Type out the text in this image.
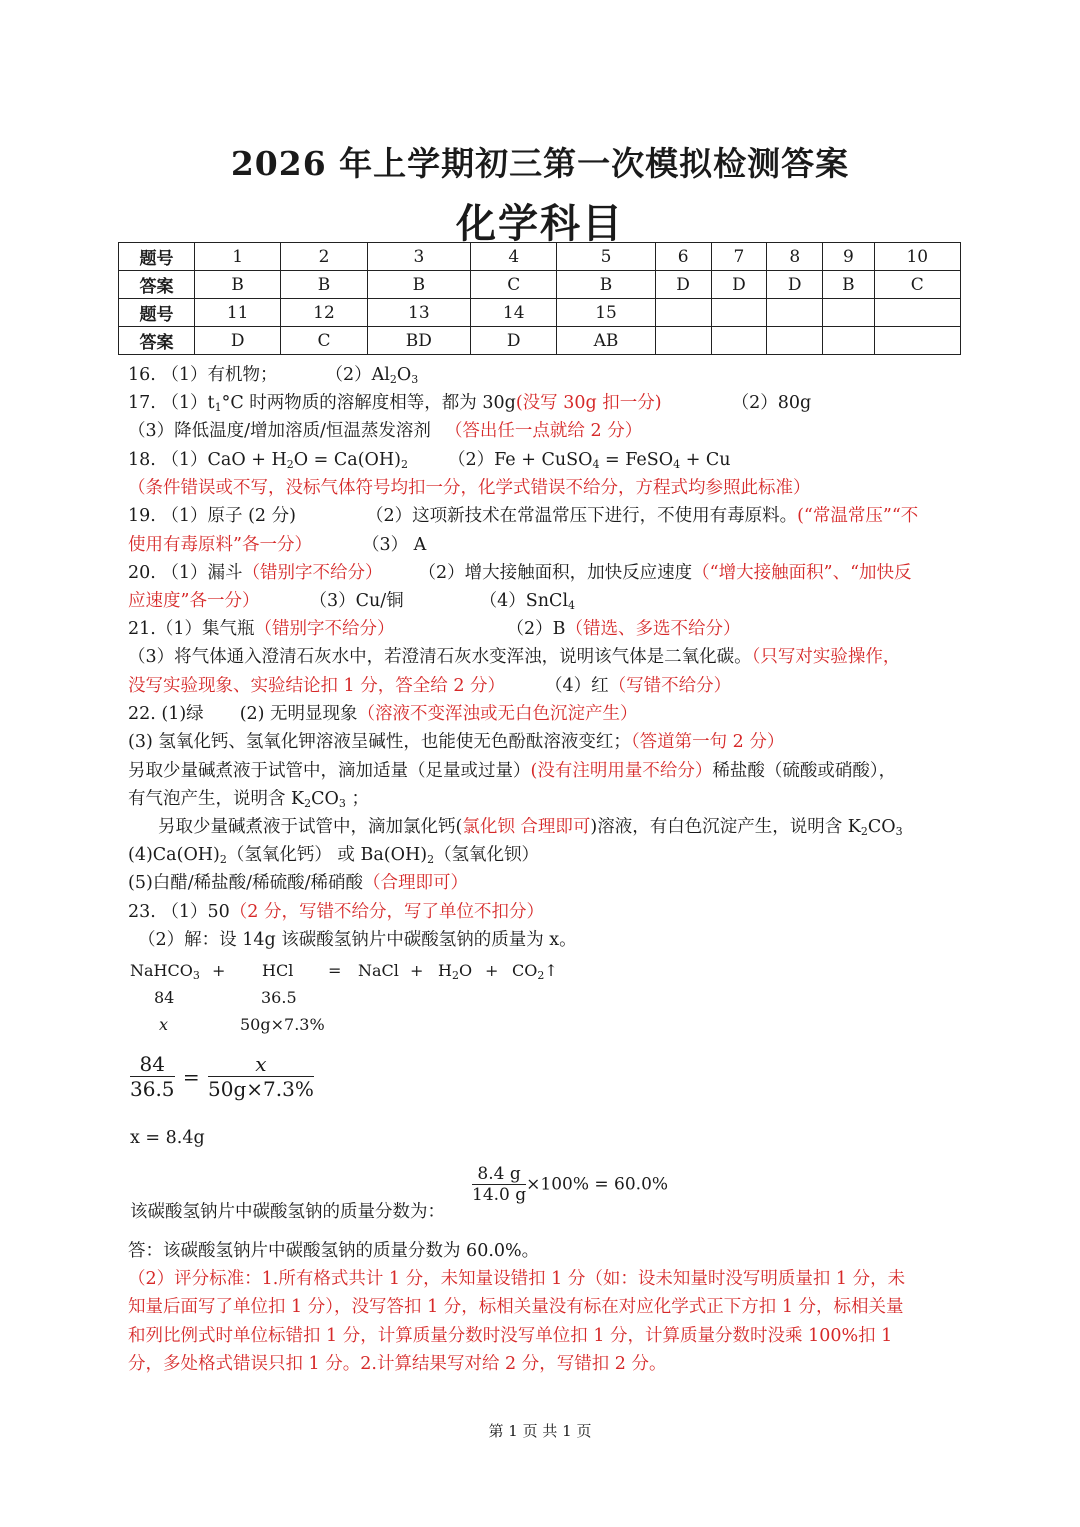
2026 年上学期初三第一次模拟检测答案
化学科目
题号	1	2	3	4	5	6	7	8	9	10
答案	B	B	B	C	B	D	D	D	B	C
题号	11	12	13	14	15					
答案	D	C	BD	D	AB					
16. （1）有机物；	$(2)Al_2O_3$
17. $(1)t_1^\circ C$ 时两物质的溶解度相等，都为 30g(没写 30g 扣一分)	（2）80g
（3）降低温度/增加溶质/恒温蒸发溶剂 （答出任一点就给 2 分）
18. $(1)CaO + H_2O = Ca(OH)_2$ （2）Fe + CuSO$_4$ = FeSO$_4$ + Cu
（条件错误或不写，没标气体符号均扣一分，化学式错误不给分，方程式均参照此标准）
19. （1）原子 (2 分)	（2）这项新技术在常温常压下进行，不使用有毒原料。(“常温常压”“不
使用有毒原料”各一分）	（3） A
20. （1）漏斗（错别字不给分） （2）增大接触面积，加快反应速度（“增大接触面积”、“加快反
应速度”各一分）	（3）Cu/铜	（4）SnCl$_4$
21.（1）集气瓶（错别字不给分）	（2）B（错选、多选不给分）
（3）将气体通入澄清石灰水中，若澄清石灰水变浑浊，说明该气体是二氧化碳。（只写对实验操作，
没写实验现象、实验结论扣 1 分，答全给 2 分） （4）红（写错不给分）
22. (1)绿 (2) 无明显现象（溶液不变浑浊或无白色沉淀产生）
(3) 氢氧化钙、氢氧化钾溶液呈碱性，也能使无色酚酞溶液变红；（答道第一句 2 分）
另取少量碱煮液于试管中，滴加适量（足量或过量）(没有注明用量不给分）稀盐酸（硫酸或硝酸），
有气泡产生，说明含 $K_2CO_3$ ；
另取少量碱煮液于试管中，滴加氯化钙(氯化钡 合理即可)溶液，有白色沉淀产生，说明含 $K_2CO_3$
$(4)Ca(OH)_2$（氢氧化钙） 或 $Ba(OH)_2$（氢氧化钡）
(5)白醋/稀盐酸/稀硫酸/稀硝酸（合理即可）
23. （1）50（2 分，写错不给分，写了单位不扣分）
（2）解：设 14g 该碳酸氢钠片中碳酸氢钠的质量为 x。
NaHCO$_3$ + HCl = NaCl + $H_2O$ + $CO_2↑$
84	36.5
x	50g×7.3%
$\frac{84}{36.5} = \frac{x}{50g\times 7.3\%}$
x = 8.4g
该碳酸氢钠片中碳酸氢钠的质量分数为：
$\frac{8.4 g}{14.0 g} \times 100\% = 60.0\%$
答：该碳酸氢钠片中碳酸氢钠的质量分数为 60.0%。
（2）评分标准：1.所有格式共计 1 分，未知量设错扣 1 分（如：设未知量时没写明质量扣 1 分，未
知量后面写了单位扣 1 分），没写答扣 1 分，标相关量没有标在对应化学式正下方扣 1 分，标相关量
和列比例式时单位标错扣 1 分，计算质量分数时没写单位扣 1 分，计算质量分数时没乘 100%扣 1
分，多处格式错误只扣 1 分。2.计算结果写对给 2 分，写错扣 2 分。
第 1 页 共 1 页
